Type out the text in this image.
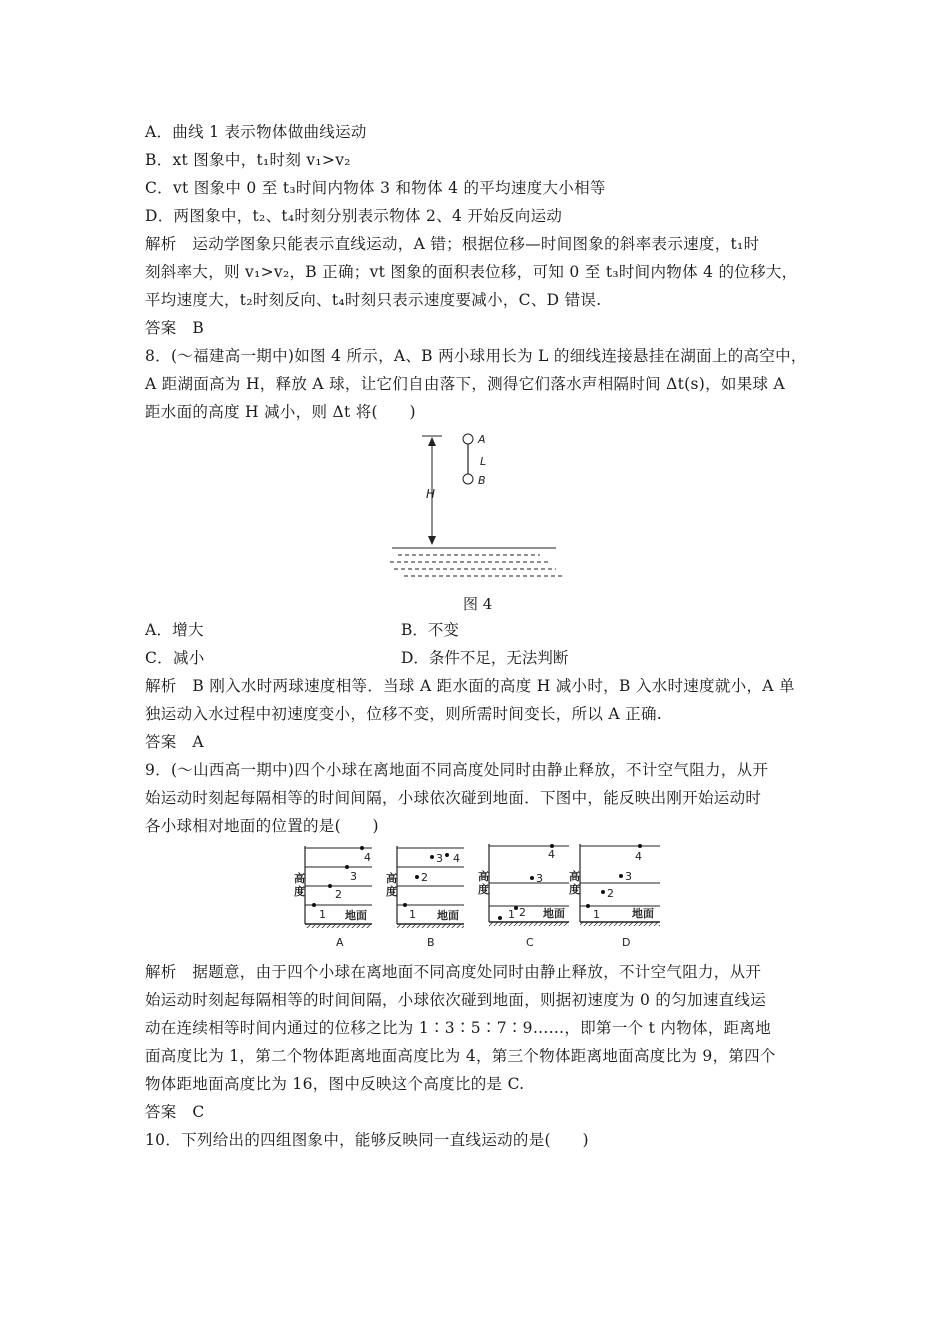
A．曲线 1 表示物体做曲线运动
B．xt 图象中，t₁时刻 v₁>v₂
C．vt 图象中 0 至 t₃时间内物体 3 和物体 4 的平均速度大小相等
D．两图象中，t₂、t₄时刻分别表示物体 2、4 开始反向运动
解析　运动学图象只能表示直线运动，A 错；根据位移—时间图象的斜率表示速度，t₁时
刻斜率大，则 v₁>v₂，B 正确；vt 图象的面积表位移，可知 0 至 t₃时间内物体 4 的位移大，
平均速度大，t₂时刻反向、t₄时刻只表示速度要减小，C、D 错误.
答案　B
8．(～福建高一期中)如图 4 所示，A、B 两小球用长为 L 的细线连接悬挂在湖面上的高空中，
A 距湖面高为 H，释放 A 球，让它们自由落下，测得它们落水声相隔时间 Δt(s)，如果球 A
距水面的高度 H 减小，则 Δt 将(　　)
H
A
L
B
图 4
A．增大	B．不变
C．减小	D．条件不足，无法判断
解析　B 刚入水时两球速度相等．当球 A 距水面的高度 H 减小时，B 入水时速度就小，A 单
独运动入水过程中初速度变小，位移不变，则所需时间变长，所以 A 正确.
答案　A
9．(～山西高一期中)四个小球在离地面不同高度处同时由静止释放，不计空气阻力，从开
始运动时刻起每隔相等的时间间隔，小球依次碰到地面．下图中，能反映出刚开始运动时
各小球相对地面的位置的是(　　)
4
3
2
1
高
度
地面
A
4
3
2
1
高
度
地面
B
4
3
2
1
高
度
地面
C
4
3
2
1
高
度
地面
D
解析　据题意，由于四个小球在离地面不同高度处同时由静止释放，不计空气阻力，从开
始运动时刻起每隔相等的时间间隔，小球依次碰到地面，则据初速度为 0 的匀加速直线运
动在连续相等时间内通过的位移之比为 1∶3∶5∶7∶9……，即第一个 t 内物体，距离地
面高度比为 1，第二个物体距离地面高度比为 4，第三个物体距离地面高度比为 9，第四个
物体距地面高度比为 16，图中反映这个高度比的是 C.
答案　C
10．下列给出的四组图象中，能够反映同一直线运动的是(　　)
